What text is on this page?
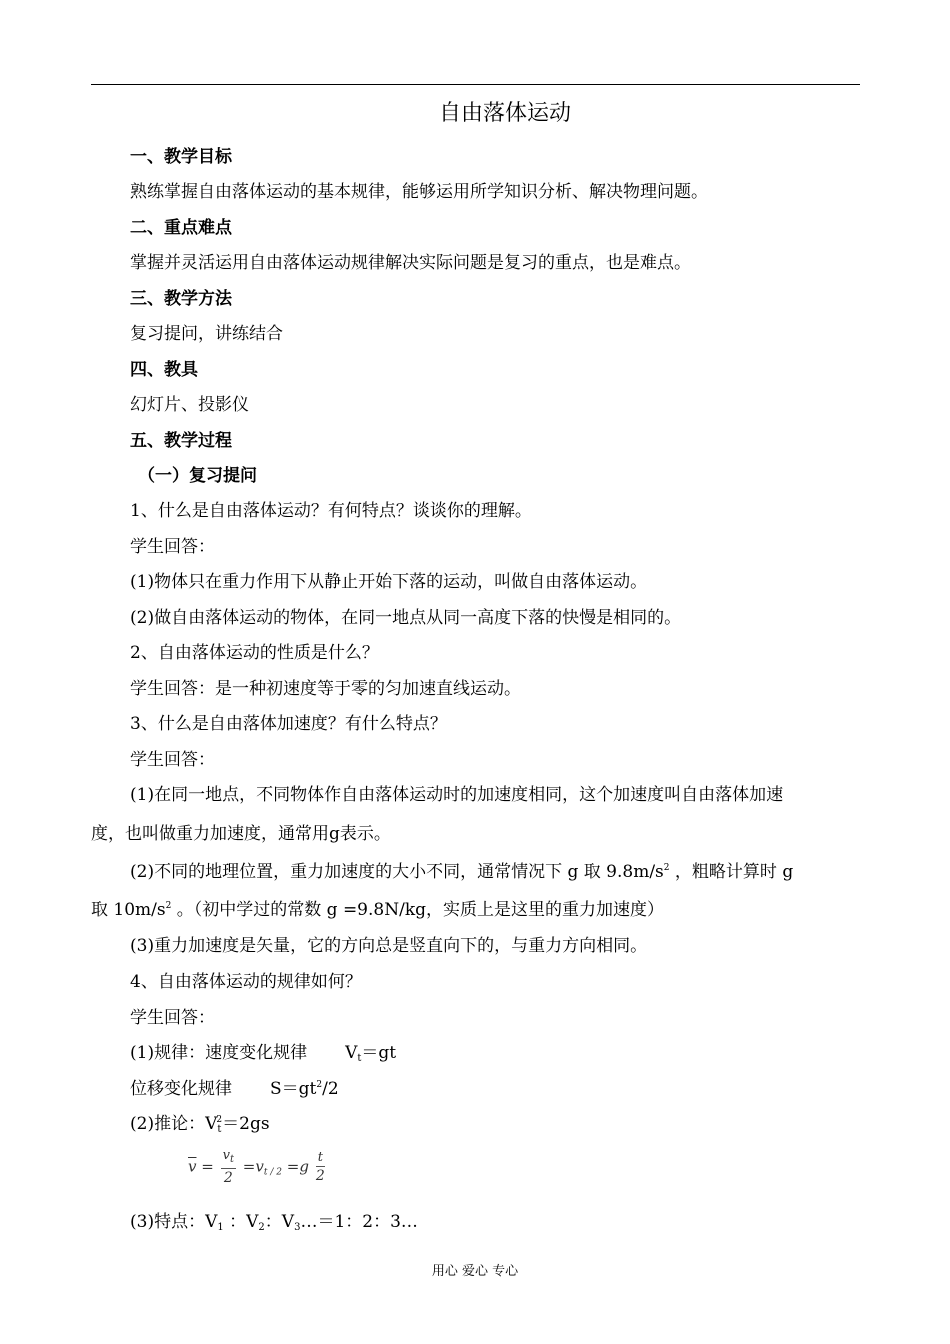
自由落体运动
一、教学目标
熟练掌握自由落体运动的基本规律，能够运用所学知识分析、解决物理问题。
二、重点难点
掌握并灵活运用自由落体运动规律解决实际问题是复习的重点，也是难点。
三、教学方法
复习提问，讲练结合
四、教具
幻灯片、投影仪
五、教学过程
（一）复习提问
1、什么是自由落体运动？有何特点？谈谈你的理解。
学生回答：
(1)物体只在重力作用下从静止开始下落的运动，叫做自由落体运动。
(2)做自由落体运动的物体，在同一地点从同一高度下落的快慢是相同的。
2、自由落体运动的性质是什么？
学生回答：是一种初速度等于零的匀加速直线运动。
3、什么是自由落体加速度？有什么特点？
学生回答：
(1)在同一地点，不同物体作自由落体运动时的加速度相同，这个加速度叫自由落体加速
度，也叫做重力加速度，通常用g表示。
(2)不同的地理位置，重力加速度的大小不同，通常情况下 g 取 $9.8m/s^2$ ，粗略计算时 g
取 $10m/s^2$ 。（初中学过的常数 g =9.8N/kg，实质上是这里的重力加速度）
(3)重力加速度是矢量，它的方向总是竖直向下的，与重力方向相同。
4、自由落体运动的规律如何？
学生回答：
(1)规律：速度变化规律 $V_t=gt$
位移变化规律 $S=gt^2/2$
(2)推论：$V_t^2=2gs$
$\overline{v} = \frac{v_t}{2} =v_{t / 2} =g \frac{t}{2}$
(3)特点：$V_1$ ：$V_2$：$V_3\dots=1$：2：3…
用心 爱心 专心
